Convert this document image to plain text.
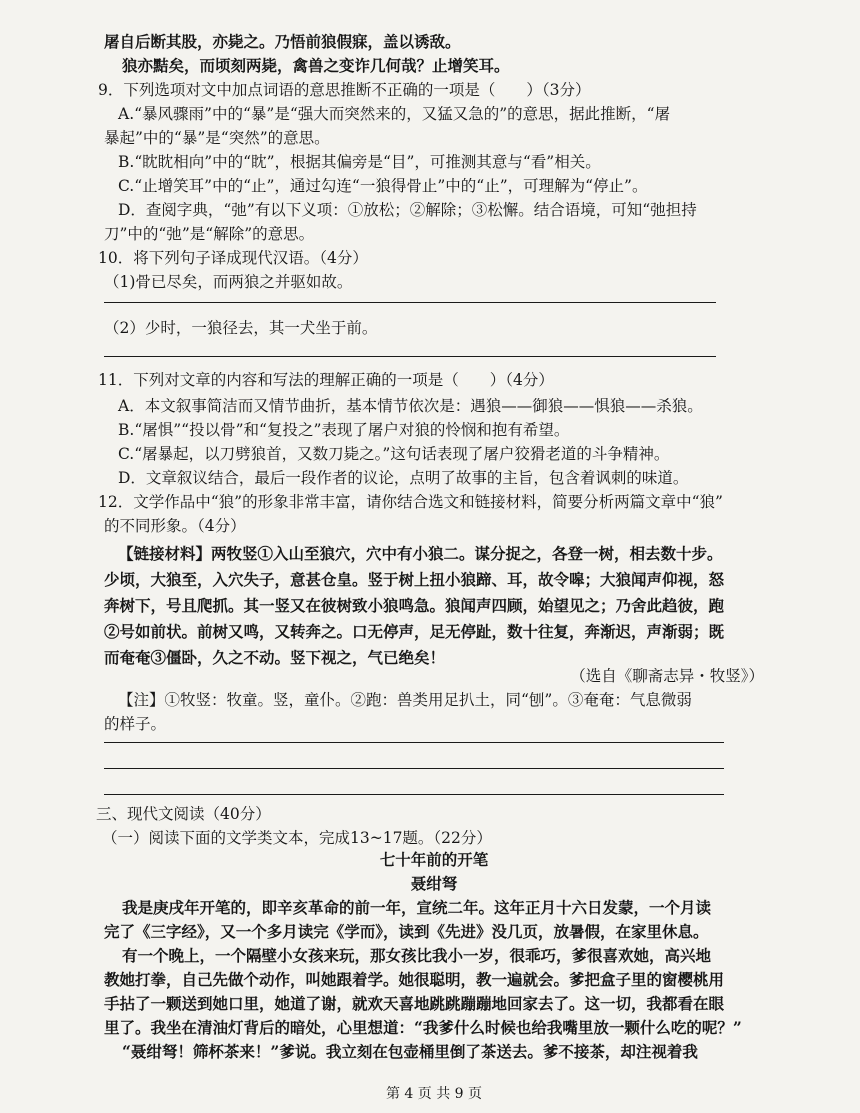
屠自后断其股，亦毙之。乃悟前狼假寐，盖以诱敌。
狼亦黠矣，而顷刻两毙，禽兽之变诈几何哉？止增笑耳。
9．下列选项对文中加点词语的意思推断不正确的一项是（　　）（3分）
A.“暴风骤雨”中的“暴”是“强大而突然来的，又猛又急的”的意思，据此推断，“屠
暴起”中的“暴”是“突然”的意思。
B.“眈眈相向”中的“眈”，根据其偏旁是“目”，可推测其意与“看”相关。
C.“止增笑耳”中的“止”，通过勾连“一狼得骨止”中的“止”，可理解为“停止”。
D．查阅字典，“弛”有以下义项：①放松；②解除；③松懈。结合语境，可知“弛担持
刀”中的“弛”是“解除”的意思。
10．将下列句子译成现代汉语。（4分）
（1)骨已尽矣，而两狼之并驱如故。
（2）少时，一狼径去，其一犬坐于前。
11．下列对文章的内容和写法的理解正确的一项是（　　）（4分）
A．本文叙事简洁而又情节曲折，基本情节依次是：遇狼——御狼——惧狼——杀狼。
B.“屠惧”“投以骨”和“复投之”表现了屠户对狼的怜悯和抱有希望。
C.“屠暴起，以刀劈狼首，又数刀毙之。”这句话表现了屠户狡猾老道的斗争精神。
D．文章叙议结合，最后一段作者的议论，点明了故事的主旨，包含着讽刺的味道。
12．文学作品中“狼”的形象非常丰富，请你结合选文和链接材料，简要分析两篇文章中“狼”
的不同形象。（4分）
【链接材料】两牧竖①入山至狼穴，穴中有小狼二。谋分捉之，各登一树，相去数十步。
少顷，大狼至，入穴失子，意甚仓皇。竖于树上扭小狼蹄、耳，故令嗥；大狼闻声仰视，怒
奔树下，号且爬抓。其一竖又在彼树致小狼鸣急。狼闻声四顾，始望见之；乃舍此趋彼，跑
②号如前状。前树又鸣，又转奔之。口无停声，足无停趾，数十往复，奔渐迟，声渐弱；既
而奄奄③僵卧，久之不动。竖下视之，气已绝矣！
（选自《聊斋志异・牧竖》）
【注】①牧竖：牧童。竖，童仆。②跑：兽类用足扒土，同“刨”。③奄奄：气息微弱
的样子。
三、现代文阅读（40分）
（一）阅读下面的文学类文本，完成13~17题。（22分）
七十年前的开笔
聂绀弩
我是庚戌年开笔的，即辛亥革命的前一年，宣统二年。这年正月十六日发蒙，一个月读
完了《三字经》，又一个多月读完《学而》，读到《先进》没几页，放暑假，在家里休息。
有一个晚上，一个隔壁小女孩来玩，那女孩比我小一岁，很乖巧，爹很喜欢她，高兴地
教她打拳，自己先做个动作，叫她跟着学。她很聪明，教一遍就会。爹把盒子里的窗樱桃用
手拈了一颗送到她口里，她道了谢，就欢天喜地跳跳蹦蹦地回家去了。这一切，我都看在眼
里了。我坐在清油灯背后的暗处，心里想道：“我爹什么时候也给我嘴里放一颗什么吃的呢？”
“聂绀弩！筛杯茶来！”爹说。我立刻在包壶桶里倒了茶送去。爹不接茶，却注视着我
第 4 页 共 9 页
